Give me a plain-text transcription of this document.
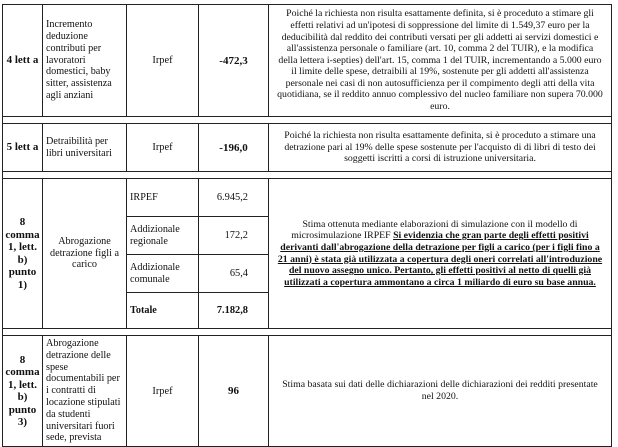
4 lett a	Incremento deduzione contributi per lavoratori domestici, baby sitter, assistenza agli anziani	Irpef	-472,3	Poiché la richiesta non risulta esattamente definita, si è proceduto a stimare gli effetti relativi ad un'ipotesi di soppressione del limite di 1.549,37 euro per la deducibilità dal reddito dei contributi versati per gli addetti ai servizi domestici e all'assistenza personale o familiare (art. 10, comma 2 del TUIR), e la modifica della lettera i-septies) dell'art. 15, comma 1 del TUIR, incrementando a 5.000 euro il limite delle spese, detraibili al 19%, sostenute per gli addetti all'assistenza personale nei casi di non autosufficienza per il compimento degli atti della vita quotidiana, se il reddito annuo complessivo del nucleo familiare non supera 70.000 euro.

5 lett a	Detraibilità per libri universitari	Irpef	-196,0	Poiché la richiesta non risulta esattamente definita, si è proceduto a stimare una detrazione pari al 19% delle spese sostenute per l'acquisto di di libri di testo dei soggetti iscritti a corsi di istruzione universitaria.

8 comma 1, lett. b) punto 1)	Abrogazione detrazione figli a carico	IRPEF	6.945,2	Stima ottenuta mediante elaborazioni di simulazione con il modello di microsimulazione IRPEF Si evidenzia che gran parte degli effetti positivi derivanti dall'abrogazione della detrazione per figli a carico (per i figli fino a 21 anni) è stata già utilizzata a copertura degli oneri correlati all'introduzione del nuovo assegno unico. Pertanto, gli effetti positivi al netto di quelli già utilizzati a copertura ammontano a circa 1 miliardo di euro su base annua.
		Addizionale regionale	172,2	
		Addizionale comunale	65,4	
		Totale	7.182,8	

8 comma 1, lett. b) punto 3)	Abrogazione detrazione delle spese documentabili per i contratti di locazione stipulati da studenti universitari fuori sede, prevista	Irpef	96	Stima basata sui dati delle dichiarazioni delle dichiarazioni dei redditi presentate nel 2020.
